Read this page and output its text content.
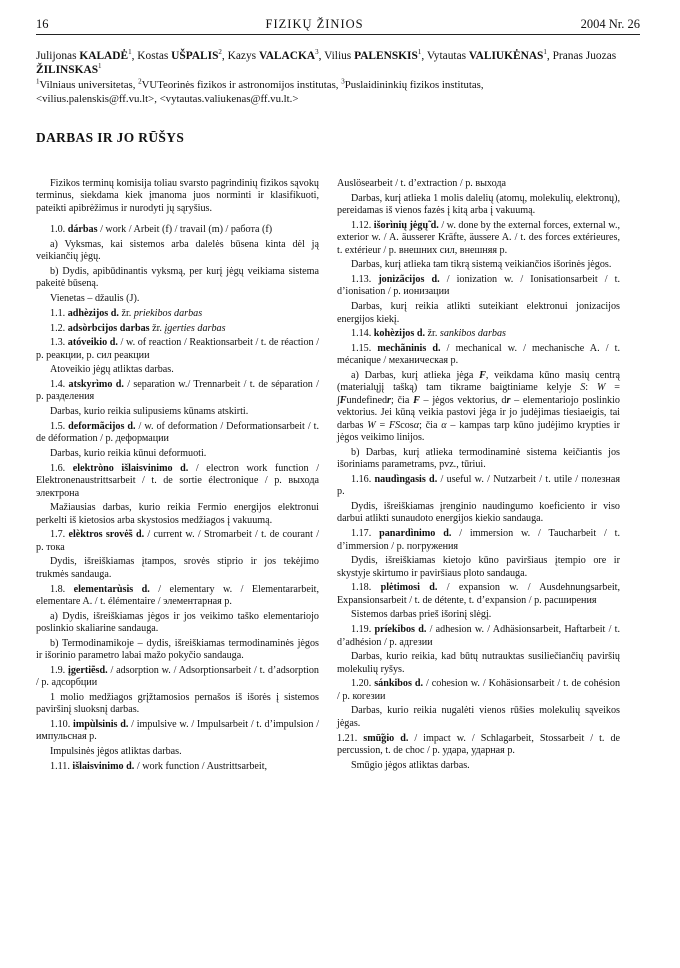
16	FIZIKŲ ŽINIOS	2004 Nr. 26
Julijonas KALADĖ$^1$, Kostas UŠPALIS$^2$, Kazys VALACKA$^3$, Vilius PALENSKIS$^1$, Vytautas VALIUKĖNAS$^1$, Pranas Juozas ŽILINSKAS$^1$
$^1$Vilniaus universitetas, $^2$VUTeorinės fizikos ir astronomijos institutas, $^3$Puslaidininkių fizikos institutas,
<vilius.palenskis@ff.vu.lt>, <vytautas.valiukenas@ff.vu.lt.>
DARBAS IR JO RŪŠYS

Fizikos terminų komisija toliau svarsto pagrindinių fizikos sąvokų terminus, siekdama kiek įmanoma juos norminti ir klasifikuoti, pateikti apibrėžimus ir nurodyti jų sąryšius.

1.0. dárbas / work / Arbeit (f) / travail (m) / работа (f)

a) Vyksmas, kai sistemos arba dalelės būsena kinta dėl ją veikiančių jėgų.

b) Dydis, apibūdinantis vyksmą, per kurį jėgų veikiama sistema pakeitė būseną.

Vienetas – džaulis (J).

1.1. adhèzijos d. žr. priekibos darbas

1.2. adsòrbcijos darbas žr. įgerties darbas

1.3. atóveikio d. / w. of reaction / Reaktionsarbeit / t. de réaction / p. реакции, р. сил реакции

Atoveikio jėgų atliktas darbas.

1.4. atskyrìmo d. / separation w./ Trennarbeit / t. de séparation / p. разделения

Darbas, kurio reikia sulipusiems kūnams atskirti.

1.5. deformãcijos d. / w. of deformation / Deformationsarbeit / t. de déformation / p. деформации

Darbas, kurio reikia kūnui deformuoti.

1.6. elektròno išlaisvinimo d. / electron work function / Elektronenaustrittsarbeit / t. de sortie électronique / p. выхода электрона

Mažiausias darbas, kurio reikia Fermio energijos elektronui perkelti iš kietosios arba skystosios medžiagos į vakuumą.

1.7. elèktros srovė̃s d. / current w. / Stromarbeit / t. de courant / p. тока

Dydis, išreiškiamas įtampos, srovės stiprio ir jos tekėjimo trukmės sandauga.

1.8. elementarùsis d. / elementary w. / Elementararbeit, elementare A. / t. élémentaire / элементарная р.

a) Dydis, išreiškiamas jėgos ir jos veikimo taško elementariojo poslinkio skaliarine sandauga.

b) Termodinamikoje – dydis, išreiškiamas termodinaminės jėgos ir išorinio parametro labai mažo pokyčio sandauga.

1.9. įgertiẽsd. / adsorption w. / Adsorptionsarbeit / t. d’adsorption / p. адсорбции

1 molio medžiagos grįžtamosios pernašos iš išorės į sistemos paviršinį sluoksnį darbas.

1.10. impùlsinis d. / impulsive w. / Impulsarbeit / t. d’impulsion / импульсная р.

Impulsinės jėgos atliktas darbas.

1.11. išlaisvinimo d. / work function / Austrittsarbeit,

Auslösearbeit / t. d’extraction / p. выхода

Darbas, kurį atlieka 1 molis dalelių (atomų, molekulių, elektronų), pereidamas iš vienos fazės į kitą arba į vakuumą.

1.12. išorìnių jėgų̃ d. / w. done by the external forces, external w., exterior w. / A. äusserer Kräfte, äussere A. / t. des forces extérieures, t. extérieur / p. внешних сил, внешняя р.

Darbas, kurį atlieka tam tikrą sistemą veikiančios išorinės jėgos.

1.13. jonizãcijos d. / ionization w. / Ionisationsarbeit / t. d’ionisation / p. ионизации

Darbas, kurį reikia atlikti suteikiant elektronui jonizacijos energijos kiekį.

1.14. kohèzijos d. žr. sankibos darbas

1.15. mechãninis d. / mechanical w. / mechanische A. / t. mécanique / механическая р.

a) Darbas, kurį atlieka jėga F, veikdama kūno masių centrą (materialųjį tašką) tam tikrame baigtiniame kelyje S: W = ∫Fundefinedr; čia F – jėgos vektorius, dr – elementariojo poslinkio vektorius. Jei kūną veikia pastovi jėga ir jo judėjimas tiesiaeigis, tai darbas W = FScosα; čia α – kampas tarp kūno judėjimo krypties ir jėgos veikimo linijos.

b) Darbas, kurį atlieka termodinaminė sistema keičiantis jos išoriniams parametrams, pvz., tūriui.

1.16. naudìngasis d. / useful w. / Nutzarbeit / t. utile / полезная р.

Dydis, išreiškiamas įrenginio naudingumo koeficiento ir viso darbui atlikti sunaudoto energijos kiekio sandauga.

1.17. panardìnimo d. / immersion w. / Taucharbeit / t. d’immersion / p. погружения

Dydis, išreiškiamas kietojo kūno paviršiaus įtempio ore ir skystyje skirtumo ir paviršiaus ploto sandauga.

1.18. plėtimosi d. / expansion w. / Ausdehnungsarbeit, Expansionsarbeit / t. de détente, t. d’expansion / p. расширения

Sistemos darbas prieš išorinį slėgį.

1.19. príekibos d. / adhesion w. / Adhäsionsarbeit, Haftarbeit / t. d’adhésion / p. адгезии

Darbas, kurio reikia, kad būtų nutrauktas susiliečiančių paviršių molekulių ryšys.

1.20. sánkibos d. / cohesion w. / Kohäsionsarbeit / t. de cohésion / p. когезии

Darbas, kurio reikia nugalėti vienos rūšies molekulių sąveikos jėgas.

1.21. smū̃gio d. / impact w. / Schlagarbeit, Stossarbeit / t. de percussion, t. de choc / p. удара, ударная р.

Smūgio jėgos atliktas darbas.
